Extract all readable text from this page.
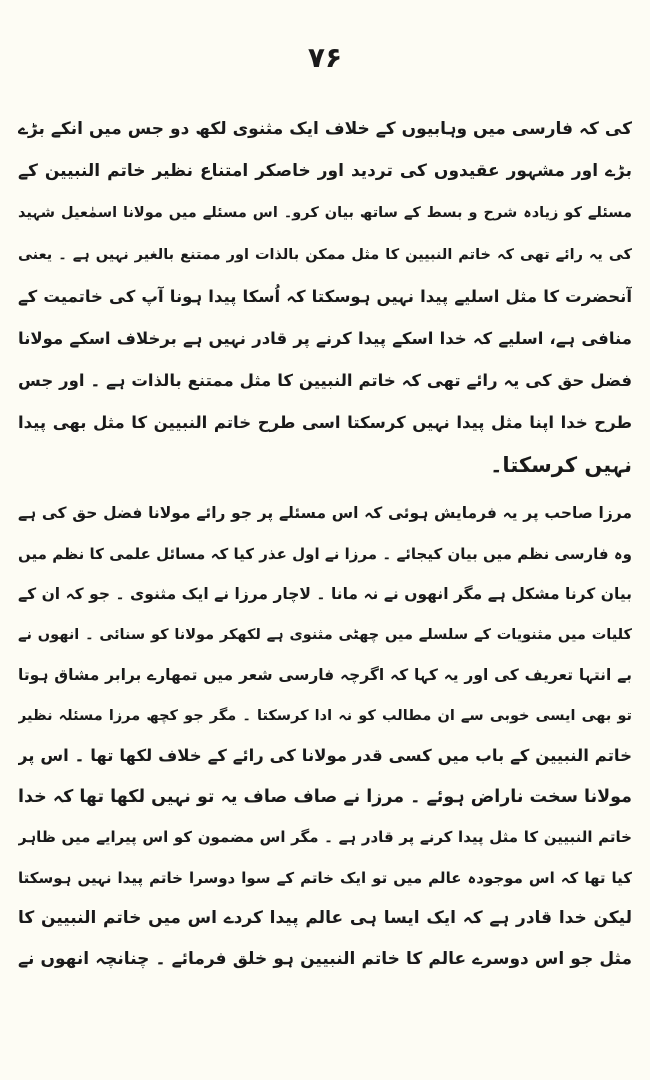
۷۶
کی کہ فارسی میں وہابیوں کے خلاف ایک مثنوی لکھ دو جس میں انکے بڑے
بڑے اور مشہور عقیدوں کی تردید اور خاصکر امتناع نظیر خاتم النبیین کے
مسئلے کو زیادہ شرح و بسط کے ساتھ بیان کرو۔ اس مسئلے میں مولانا اسمٰعیل شہید
کی یہ رائے تھی کہ خاتم النبیین کا مثل ممکن بالذات اور ممتنع بالغیر نہیں ہے ۔ یعنی
آنحضرت کا مثل اسلیے پیدا نہیں ہوسکتا کہ اُسکا پیدا ہونا آپ کی خاتمیت کے
منافی ہے، اسلیے کہ خدا اسکے پیدا کرنے پر قادر نہیں ہے برخلاف اسکے مولانا
فضل حق کی یہ رائے تھی کہ خاتم النبیین کا مثل ممتنع بالذات ہے ۔ اور جس
طرح خدا اپنا مثل پیدا نہیں کرسکتا اسی طرح خاتم النبیین کا مثل بھی پیدا
نہیں کرسکتا۔
مرزا صاحب پر یہ فرمایش ہوئی کہ اس مسئلے پر جو رائے مولانا فضل حق کی ہے
وہ فارسی نظم میں بیان کیجائے ۔ مرزا نے اول عذر کیا کہ مسائل علمی کا نظم میں
بیان کرنا مشکل ہے مگر انھوں نے نہ مانا ۔ لاچار مرزا نے ایک مثنوی ۔ جو کہ ان کے
کلیات میں مثنویات کے سلسلے میں چھٹی مثنوی ہے لکھکر مولانا کو سنائی ۔ انھوں نے
بے انتہا تعریف کی اور یہ کہا کہ اگرچہ فارسی شعر میں تمھارے برابر مشاق ہوتا
تو بھی ایسی خوبی سے ان مطالب کو نہ ادا کرسکتا ۔ مگر جو کچھ مرزا مسئلہ نظیر
خاتم النبیین کے باب میں کسی قدر مولانا کی رائے کے خلاف لکھا تھا ۔ اس پر
مولانا سخت ناراض ہوئے ۔ مرزا نے صاف صاف یہ تو نہیں لکھا تھا کہ خدا
خاتم النبیین کا مثل پیدا کرنے پر قادر ہے ۔ مگر اس مضمون کو اس پیرایے میں ظاہر
کیا تھا کہ اس موجودہ عالم میں تو ایک خاتم کے سوا دوسرا خاتم پیدا نہیں ہوسکتا
لیکن خدا قادر ہے کہ ایک ایسا ہی عالم پیدا کردے اس میں خاتم النبیین کا
مثل جو اس دوسرے عالم کا خاتم النبیین ہو خلق فرمائے ۔ چنانچہ انھوں نے
